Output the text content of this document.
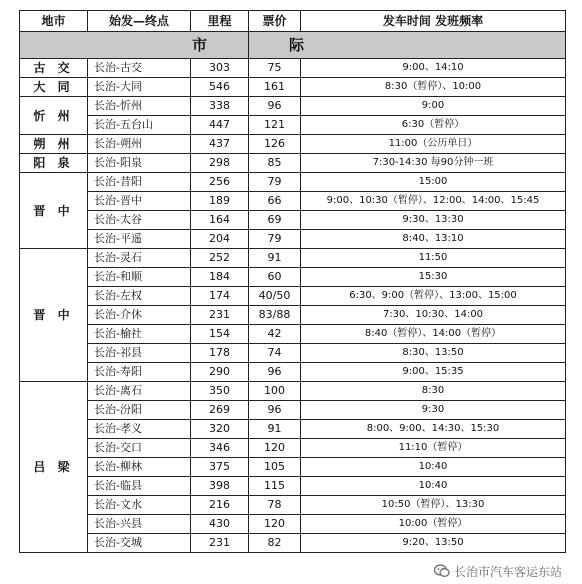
市			际	
地市	始发—终点	里程	票价	发车时间 发班频率
古 交	长治-古交	303	75	9:00、14:10
大 同	长治-大同	546	161	8:30（暂停）、10:00
忻 州	长治-忻州	338	96	9:00
	长治-五台山	447	121	6:30（暂停）
朔 州	长治-朔州	437	126	11:00（公历单日）
阳 泉	长治-阳泉	298	85	7:30-14:30 每90分钟一班
晋 中	长治-昔阳	256	79	15:00
	长治-晋中	189	66	9:00、10:30（暂停）、12:00、14:00、15:45
	长治-太谷	164	69	9:30、13:30
	长治-平遥	204	79	8:40、13:10
晋 中	长治-灵石	252	91	11:50
	长治-和顺	184	60	15:30
	长治-左权	174	40/50	6:30、9:00（暂停）、13:00、15:00
	长治-介休	231	83/88	7:30、10:30、14:00
	长治-榆社	154	42	8:40（暂停）、14:00（暂停）
	长治-祁县	178	74	8:30、13:50
	长治-寿阳	290	96	9:00、15:35
吕 梁	长治-离石	350	100	8:30
	长治-汾阳	269	96	9:30
	长治-孝义	320	91	8:00、9:00、14:30、15:30
	长治-交口	346	120	11:10（暂停）
	长治-柳林	375	105	10:40
	长治-临县	398	115	10:40
	长治-文水	216	78	10:50（暂停）、13:30
	长治-兴县	430	120	10:00（暂停）
	长治-交城	231	82	9:20、13:50
长治市汽车客运东站
